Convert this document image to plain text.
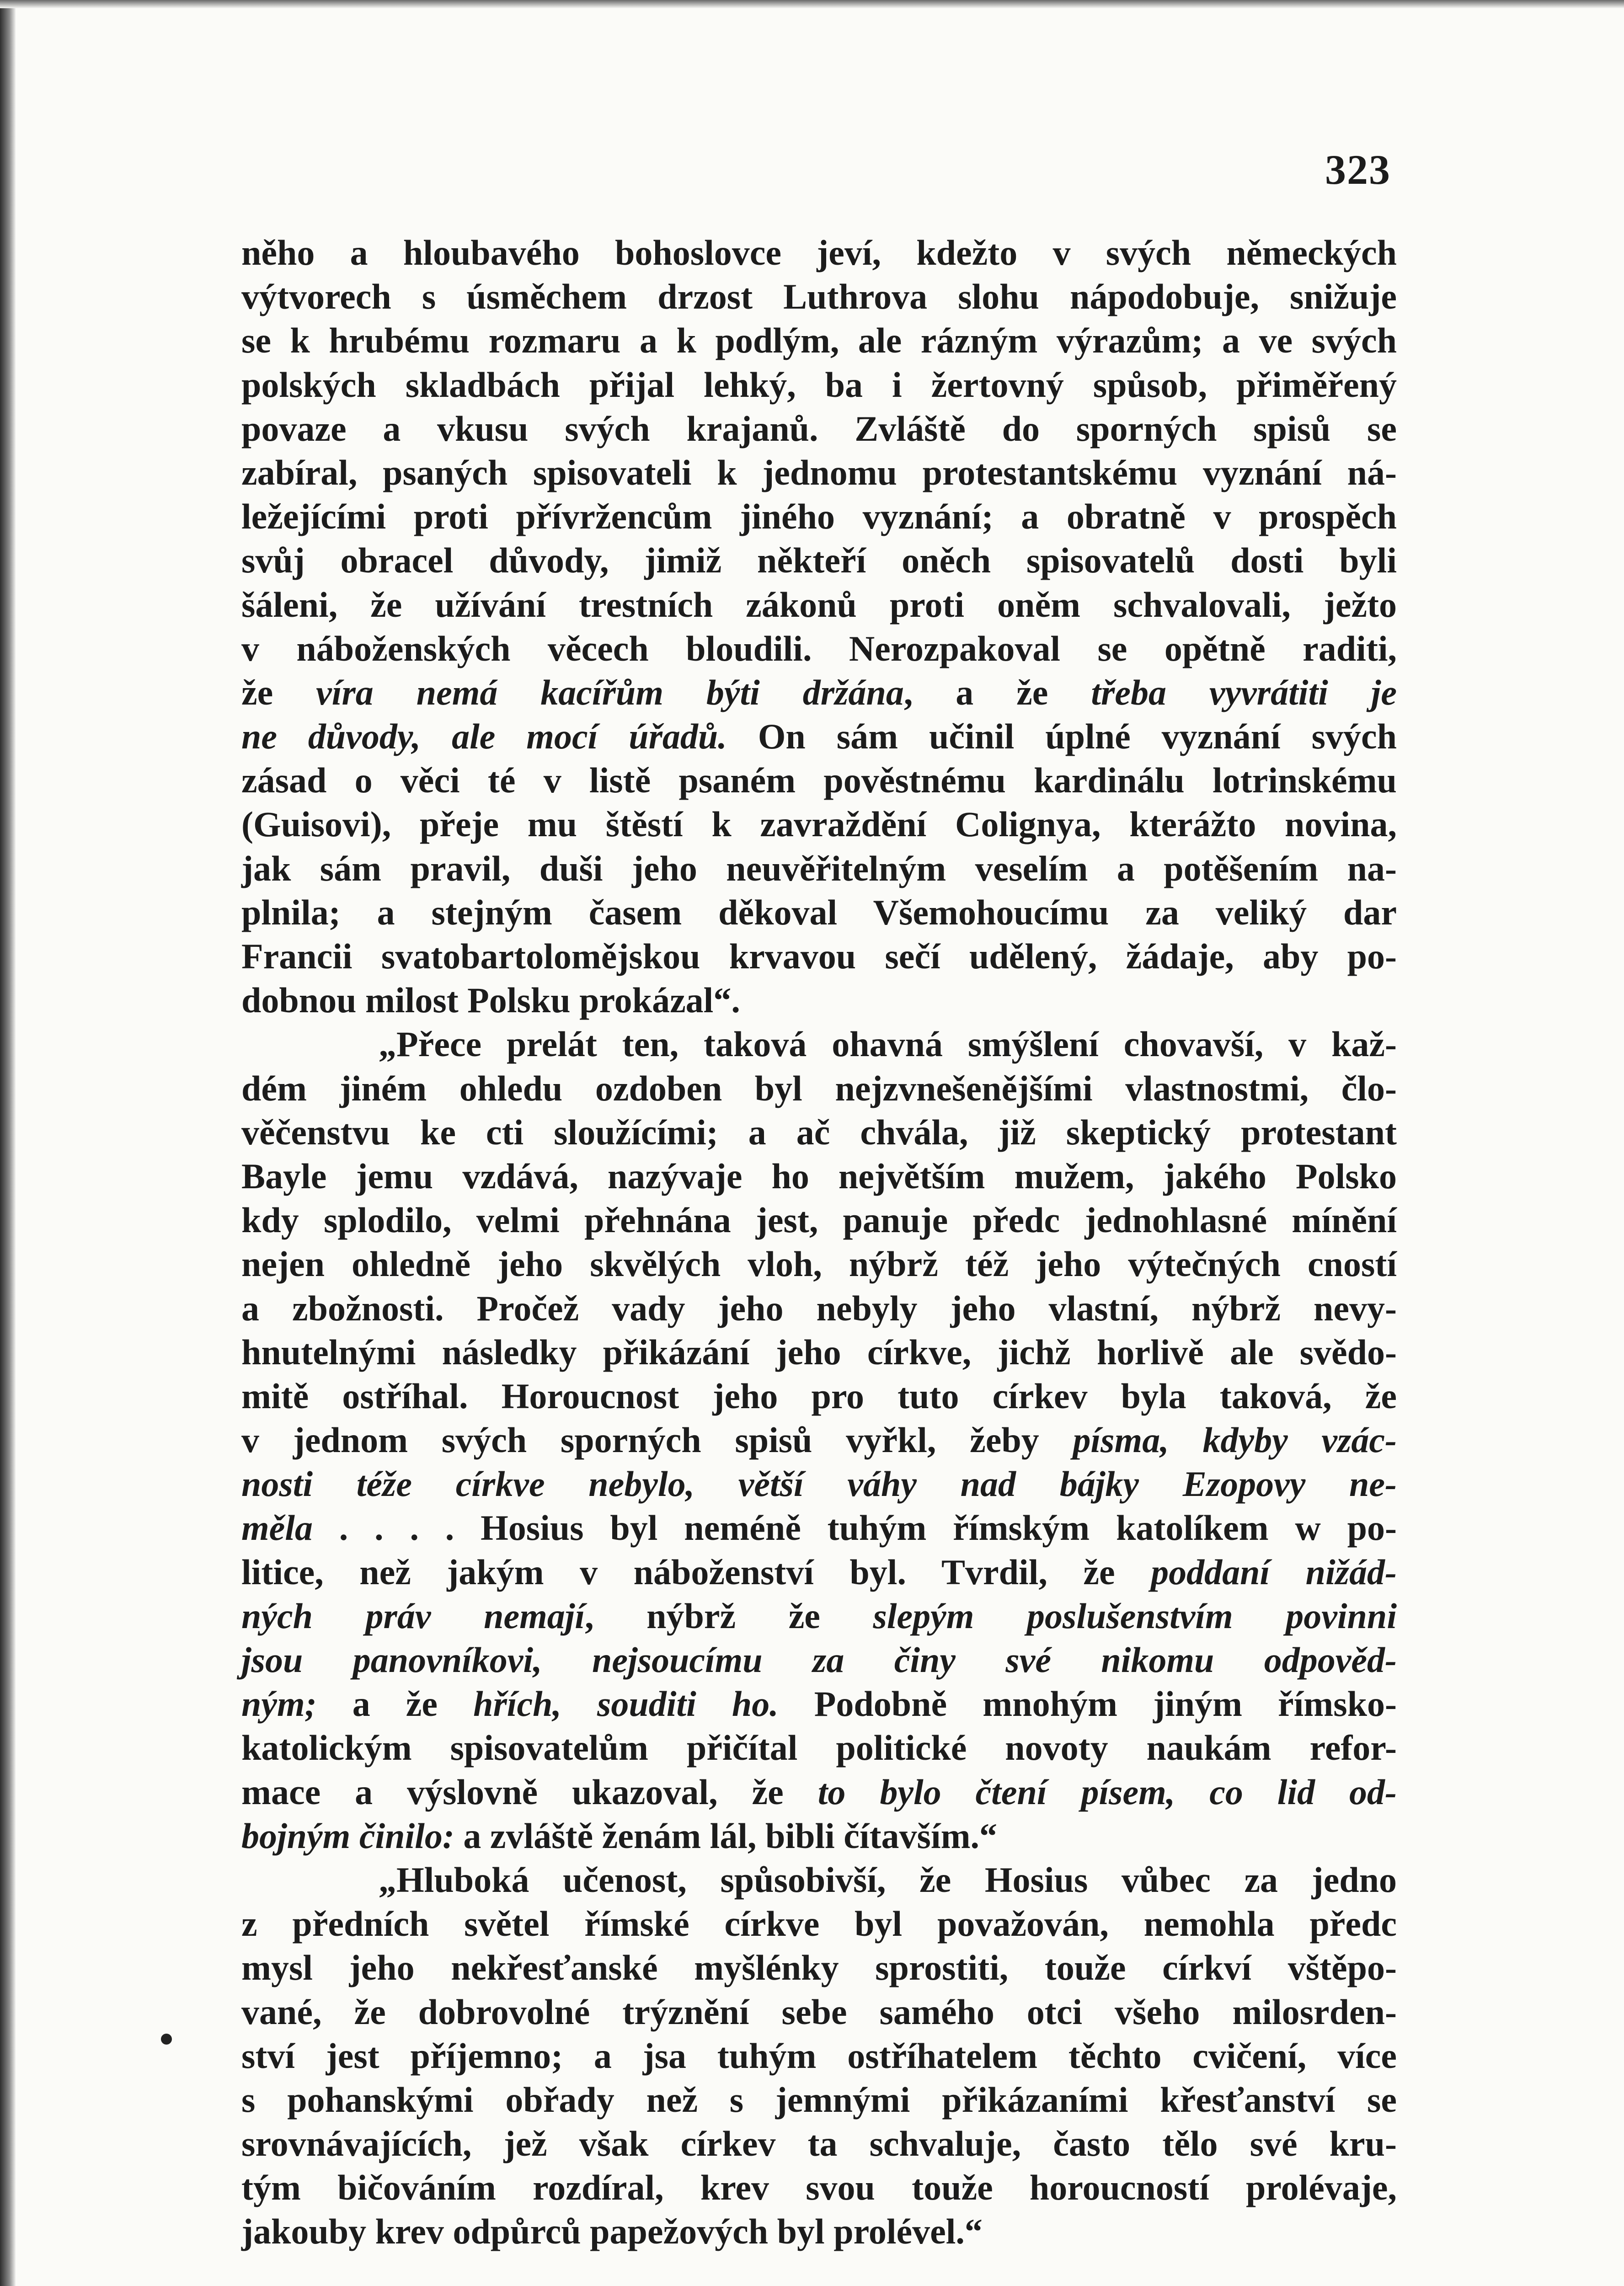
323
něho a hloubavého bohoslovce jeví, kdežto v svých německých
výtvorech s úsměchem drzost Luthrova slohu nápodobuje, snižuje
se k hrubému rozmaru a k podlým, ale rázným výrazům; a ve svých
polských skladbách přijal lehký, ba i žertovný spůsob, přiměřený
povaze a vkusu svých krajanů. Zvláště do sporných spisů se
zabíral, psaných spisovateli k jednomu protestantskému vyznání ná-
ležejícími proti přívržencům jiného vyznání; a obratně v prospěch
svůj obracel důvody, jimiž někteří oněch spisovatelů dosti byli
šáleni, že užívání trestních zákonů proti oněm schvalovali, ježto
v náboženských věcech bloudili. Nerozpakoval se opětně raditi,
že víra nemá kacířům býti držána, a že třeba vyvrátiti je
ne důvody, ale mocí úřadů. On sám učinil úplné vyznání svých
zásad o věci té v listě psaném pověstnému kardinálu lotrinskému
(Guisovi), přeje mu štěstí k zavraždění Colignya, kterážto novina,
jak sám pravil, duši jeho neuvěřitelným veselím a potěšením na-
plnila; a stejným časem děkoval Všemohoucímu za veliký dar
Francii svatobartolomějskou krvavou sečí udělený, žádaje, aby po-
dobnou milost Polsku prokázal“.
„Přece prelát ten, taková ohavná smýšlení chovavší, v kaž-
dém jiném ohledu ozdoben byl nejzvnešenějšími vlastnostmi, člo-
věčenstvu ke cti sloužícími; a ač chvála, již skeptický protestant
Bayle jemu vzdává, nazývaje ho největším mužem, jakého Polsko
kdy splodilo, velmi přehnána jest, panuje předc jednohlasné mínění
nejen ohledně jeho skvělých vloh, nýbrž též jeho výtečných cností
a zbožnosti. Pročež vady jeho nebyly jeho vlastní, nýbrž nevy-
hnutelnými následky přikázání jeho církve, jichž horlivě ale svědo-
mitě ostříhal. Horoucnost jeho pro tuto církev byla taková, že
v jednom svých sporných spisů vyřkl, žeby písma, kdyby vzác-
nosti téže církve nebylo, větší váhy nad bájky Ezopovy ne-
měla . . . . Hosius byl neméně tuhým římským katolíkem w po-
litice, než jakým v náboženství byl. Tvrdil, že poddaní nižád-
ných práv nemají, nýbrž že slepým poslušenstvím povinni
jsou panovníkovi, nejsoucímu za činy své nikomu odpověd-
ným; a že hřích, souditi ho. Podobně mnohým jiným římsko-
katolickým spisovatelům přičítal politické novoty naukám refor-
mace a výslovně ukazoval, že to bylo čtení písem, co lid od-
bojným činilo: a zvláště ženám lál, bibli čítavším.“
„Hluboká učenost, spůsobivší, že Hosius vůbec za jedno
z předních světel římské církve byl považován, nemohla předc
mysl jeho nekřesťanské myšlénky sprostiti, touže církví vštěpo-
vané, že dobrovolné trýznění sebe samého otci všeho milosrden-
ství jest příjemno; a jsa tuhým ostříhatelem těchto cvičení, více
s pohanskými obřady než s jemnými přikázaními křesťanství se
srovnávajících, jež však církev ta schvaluje, často tělo své kru-
tým bičováním rozdíral, krev svou touže horoucností prolévaje,
jakouby krev odpůrců papežových byl prolével.“
